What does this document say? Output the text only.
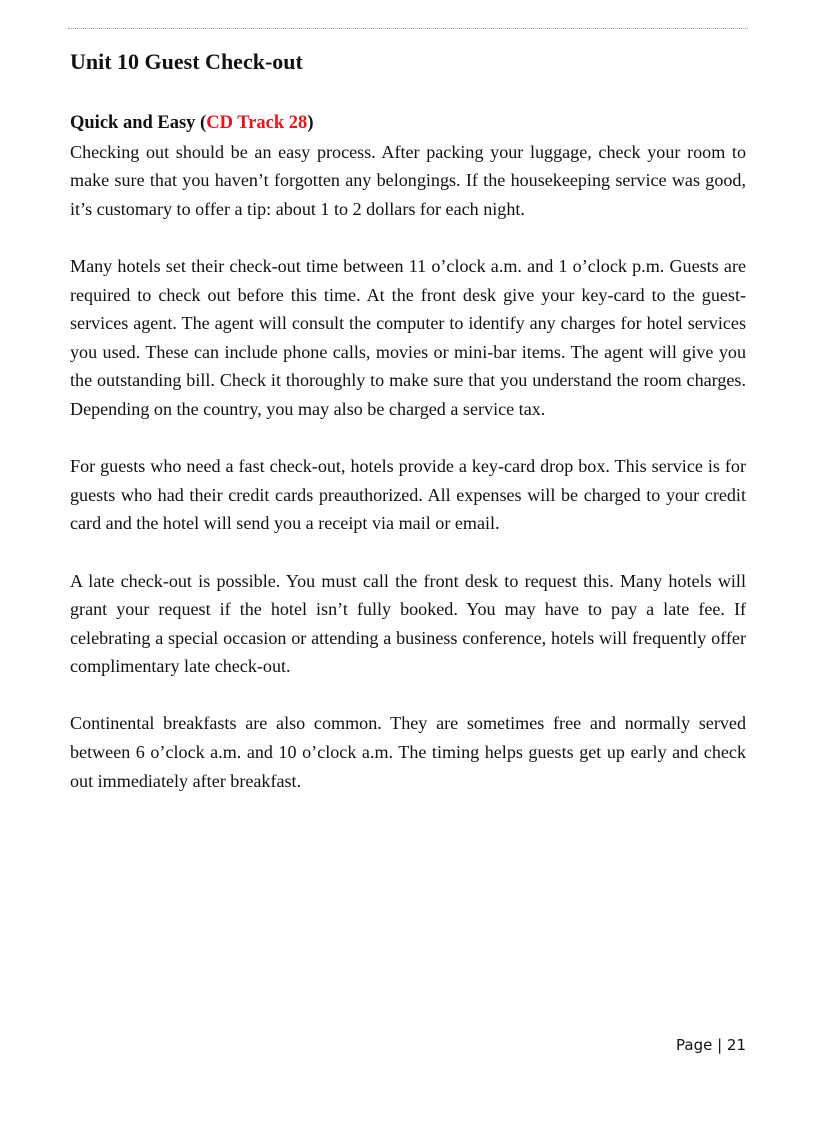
Unit 10 Guest Check-out
Quick and Easy (CD Track 28)

Checking out should be an easy process. After packing your luggage, check your room to make sure that you haven’t forgotten any belongings. If the housekeeping service was good, it’s customary to offer a tip: about 1 to 2 dollars for each night.

Many hotels set their check-out time between 11 o’clock a.m. and 1 o’clock p.m. Guests are required to check out before this time. At the front desk give your key-card to the guest-services agent. The agent will consult the computer to identify any charges for hotel services you used. These can include phone calls, movies or mini-bar items. The agent will give you the outstanding bill. Check it thoroughly to make sure that you understand the room charges. Depending on the country, you may also be charged a service tax.

For guests who need a fast check-out, hotels provide a key-card drop box. This service is for guests who had their credit cards preauthorized. All expenses will be charged to your credit card and the hotel will send you a receipt via mail or email.

A late check-out is possible. You must call the front desk to request this. Many hotels will grant your request if the hotel isn’t fully booked. You may have to pay a late fee. If celebrating a special occasion or attending a business conference, hotels will frequently offer complimentary late check-out.

Continental breakfasts are also common. They are sometimes free and normally served between 6 o’clock a.m. and 10 o’clock a.m. The timing helps guests get up early and check out immediately after breakfast.

Page | 21
